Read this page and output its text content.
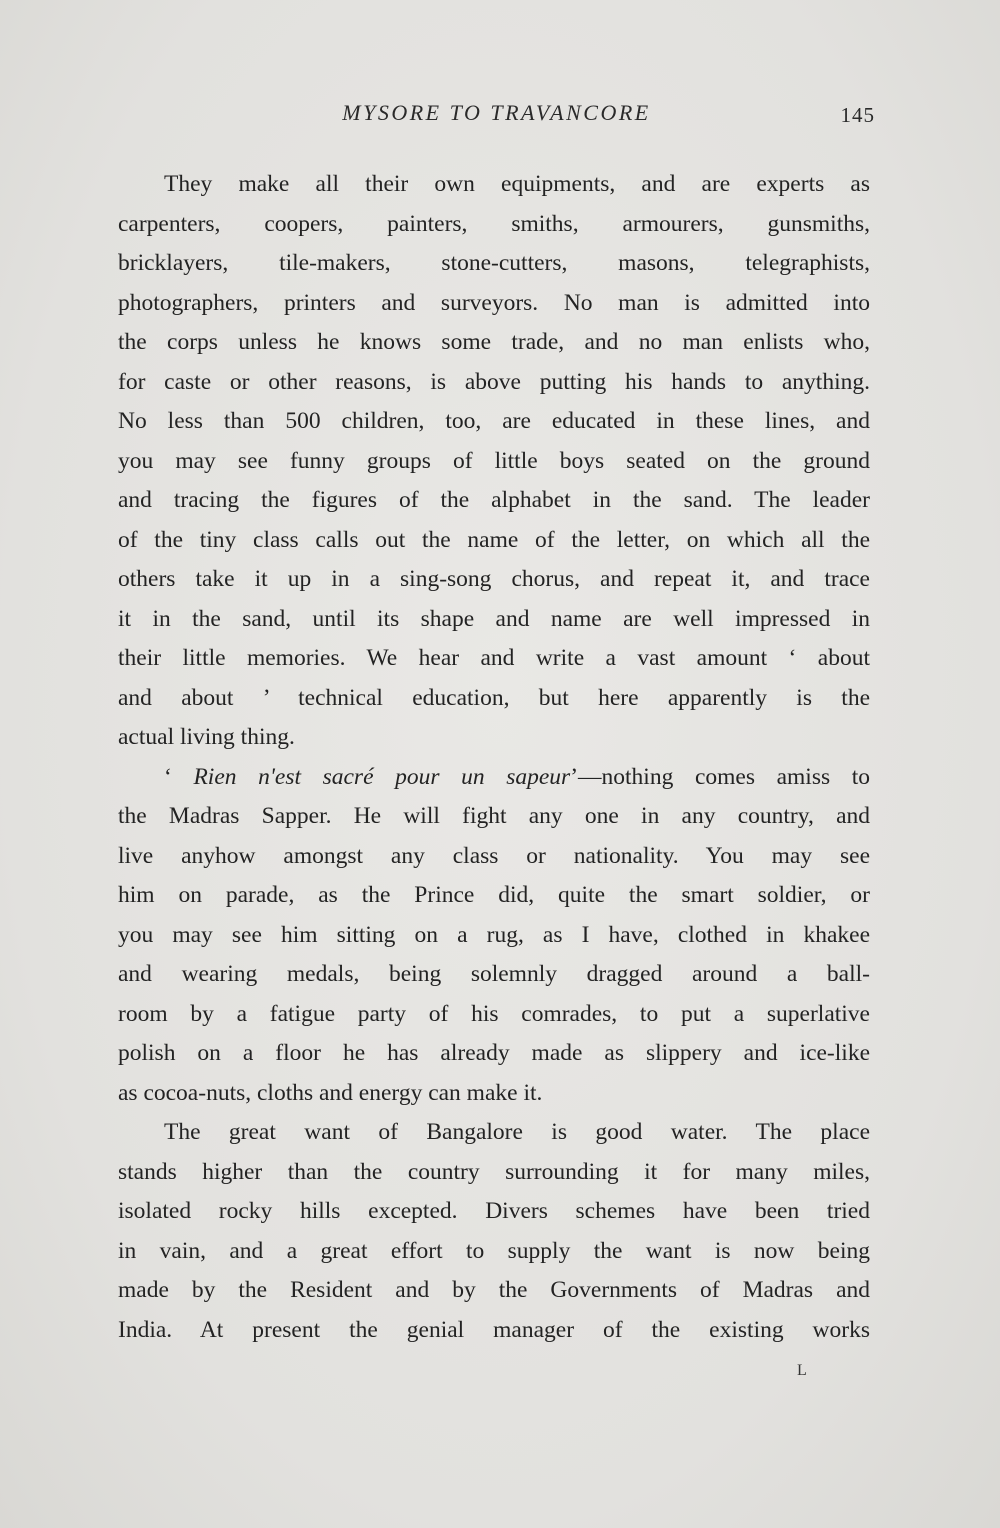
MYSORE TO TRAVANCORE	145
They make all their own equipments, and are experts as
carpenters, coopers, painters, smiths, armourers, gunsmiths,
bricklayers, tile-makers, stone-cutters, masons, telegraphists,
photographers, printers and surveyors. No man is admitted into
the corps unless he knows some trade, and no man enlists who,
for caste or other reasons, is above putting his hands to anything.
No less than 500 children, too, are educated in these lines, and
you may see funny groups of little boys seated on the ground
and tracing the figures of the alphabet in the sand. The leader
of the tiny class calls out the name of the letter, on which all the
others take it up in a sing-song chorus, and repeat it, and trace
it in the sand, until its shape and name are well impressed in
their little memories. We hear and write a vast amount ‘ about
and about ’ technical education, but here apparently is the
actual living thing.
‘ Rien n'est sacré pour un sapeur’—nothing comes amiss to
the Madras Sapper. He will fight any one in any country, and
live anyhow amongst any class or nationality. You may see
him on parade, as the Prince did, quite the smart soldier, or
you may see him sitting on a rug, as I have, clothed in khakee
and wearing medals, being solemnly dragged around a ball-
room by a fatigue party of his comrades, to put a superlative
polish on a floor he has already made as slippery and ice-like
as cocoa-nuts, cloths and energy can make it.
The great want of Bangalore is good water. The place
stands higher than the country surrounding it for many miles,
isolated rocky hills excepted. Divers schemes have been tried
in vain, and a great effort to supply the want is now being
made by the Resident and by the Governments of Madras and
India. At present the genial manager of the existing works
L
